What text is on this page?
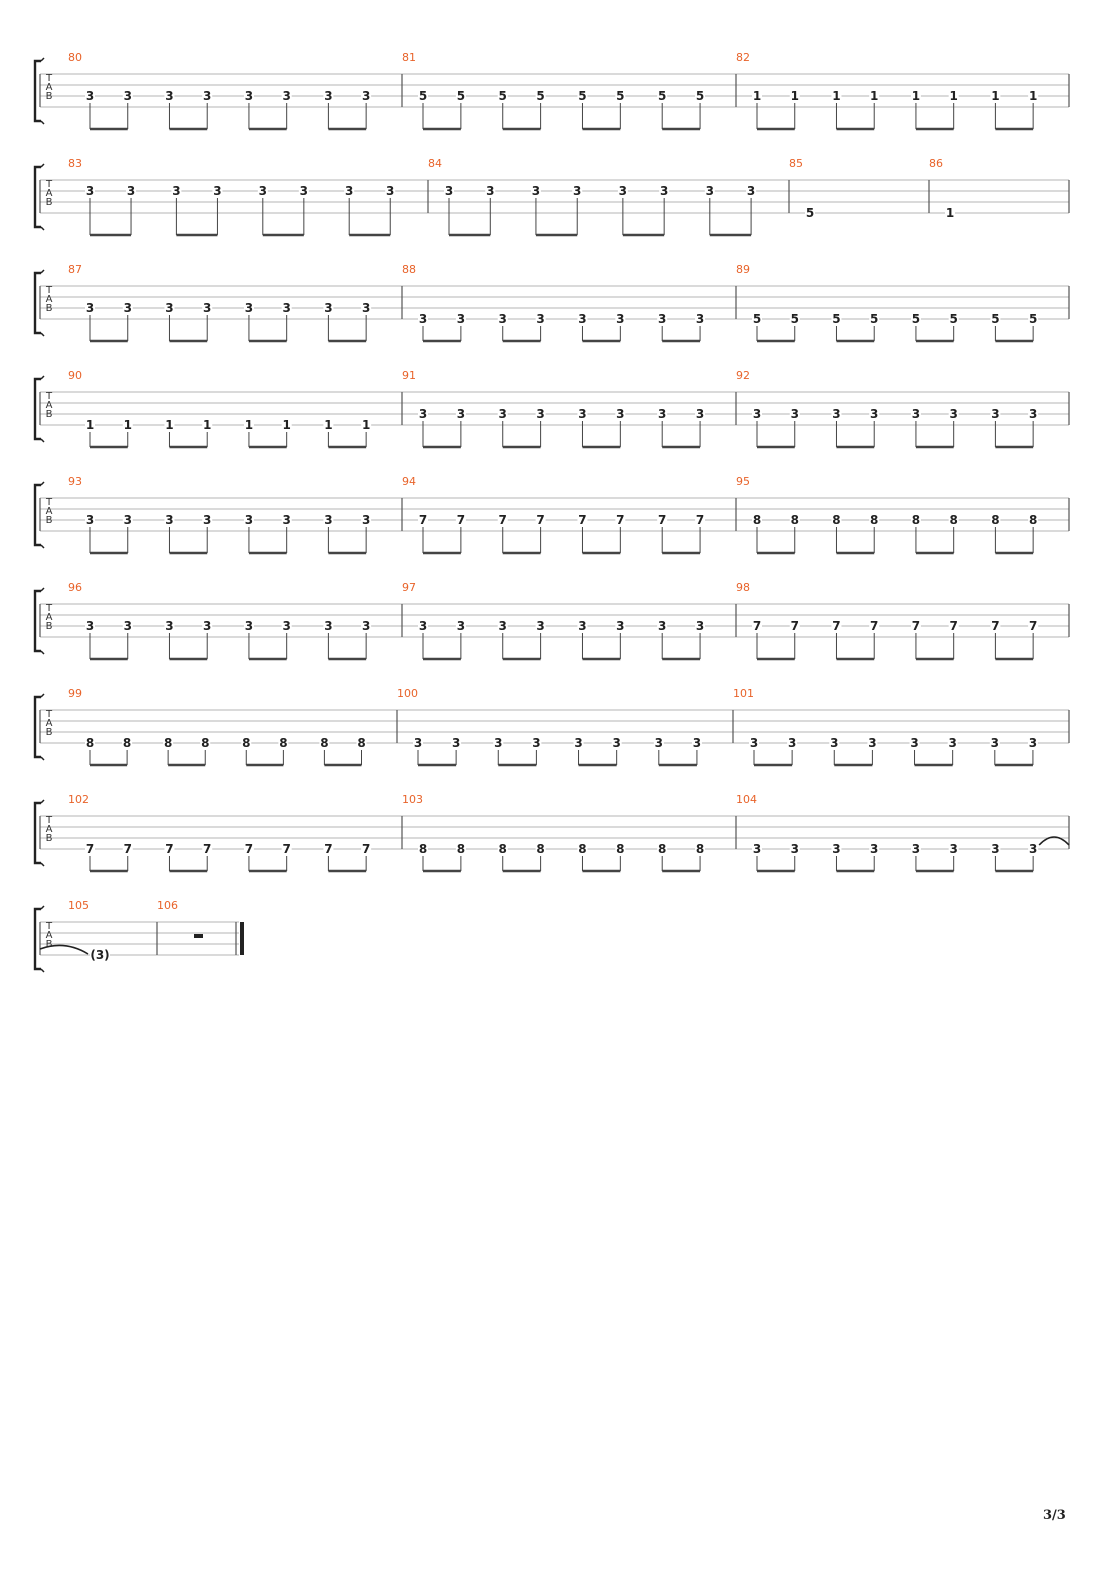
T
A
B
80
3 3	3 3	3 3	3 3
81
5 5	5 5	5 5	5 5
82
1 1	1 1	1 1	1 1
T
A
B
83
3	3	3	3	3	3	3	3
84
3	3	3	3	3	3	3	3
85
5
86
1
T
A
B
87
3 3	3 3	3 3	3 3
88
3 3	3 3	3 3	3 3
89
5 5	5 5	5 5	5 5
T
A
B
90
1 1	1 1	1 1	1 1
91
3 3	3 3	3 3	3 3
92
3 3	3 3	3 3	3 3
T
A
B
93
3 3	3 3	3 3	3 3
94
7 7	7 7	7 7	7 7
95
8 8	8 8	8 8	8 8
T
A
B
96
3 3	3 3	3 3	3 3
97
3 3	3 3	3 3	3 3
98
7 7	7 7	7 7	7 7
T
A
B
99
8 8	8 8	8 8	8 8
100
3 3	3 3	3 3	3 3
101
3 3	3 3	3 3	3 3
T
A
B
102
7 7	7 7	7 7	7 7
103
8 8	8 8	8 8	8 8
104
3 3	3 3	3 3	3 3
T
A
B
105
(3)
106
3/3
